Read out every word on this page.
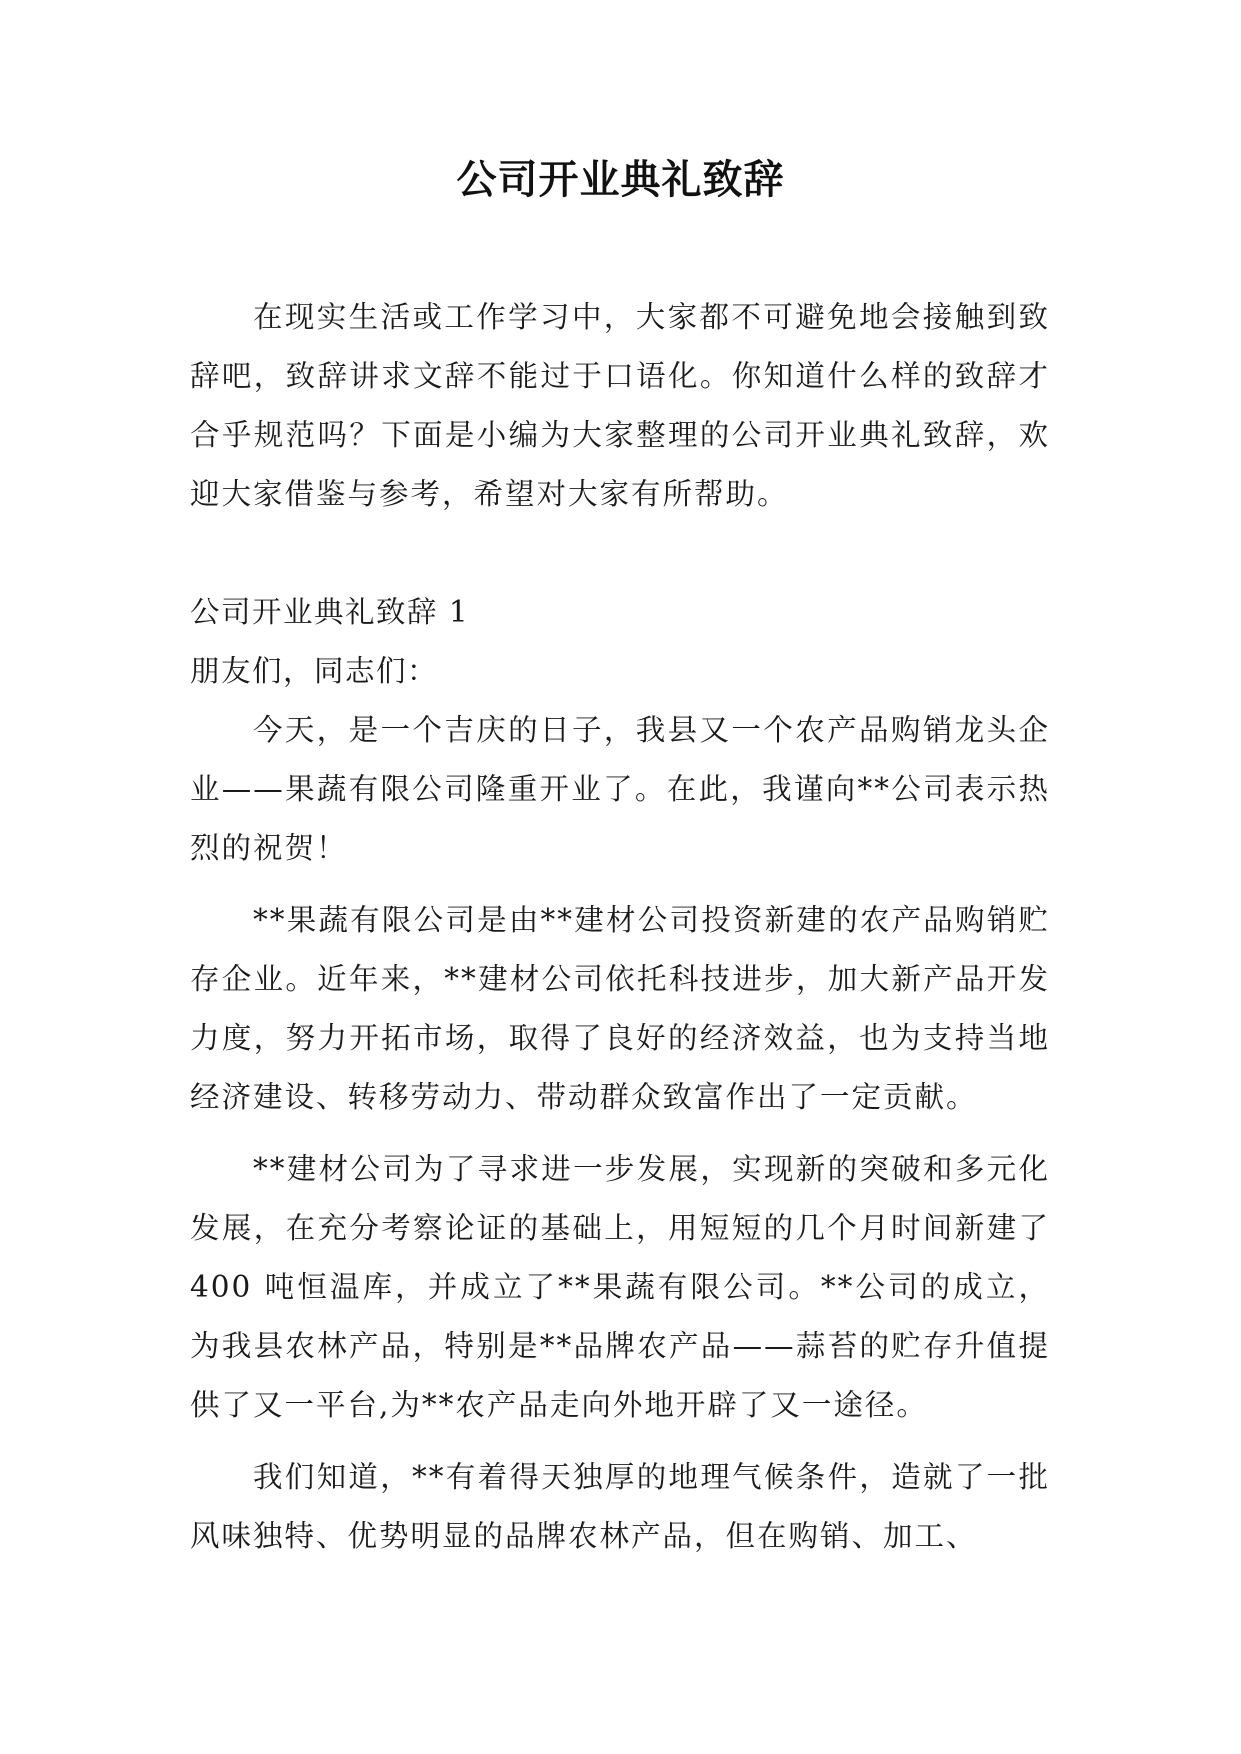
公司开业典礼致辞

在现实生活或工作学习中，大家都不可避免地会接触到致辞吧，致辞讲求文辞不能过于口语化。你知道什么样的致辞才合乎规范吗？下面是小编为大家整理的公司开业典礼致辞，欢迎大家借鉴与参考，希望对大家有所帮助。

公司开业典礼致辞 1

朋友们，同志们：

今天，是一个吉庆的日子，我县又一个农产品购销龙头企业——果蔬有限公司隆重开业了。在此，我谨向**公司表示热烈的祝贺！

**果蔬有限公司是由**建材公司投资新建的农产品购销贮存企业。近年来，**建材公司依托科技进步，加大新产品开发力度，努力开拓市场，取得了良好的经济效益，也为支持当地经济建设、转移劳动力、带动群众致富作出了一定贡献。

**建材公司为了寻求进一步发展，实现新的突破和多元化发展，在充分考察论证的基础上，用短短的几个月时间新建了 400 吨恒温库，并成立了**果蔬有限公司。**公司的成立，为我县农林产品，特别是**品牌农产品——蒜苔的贮存升值提供了又一平台,为**农产品走向外地开辟了又一途径。

我们知道，**有着得天独厚的地理气候条件，造就了一批风味独特、优势明显的品牌农林产品，但在购销、加工、
